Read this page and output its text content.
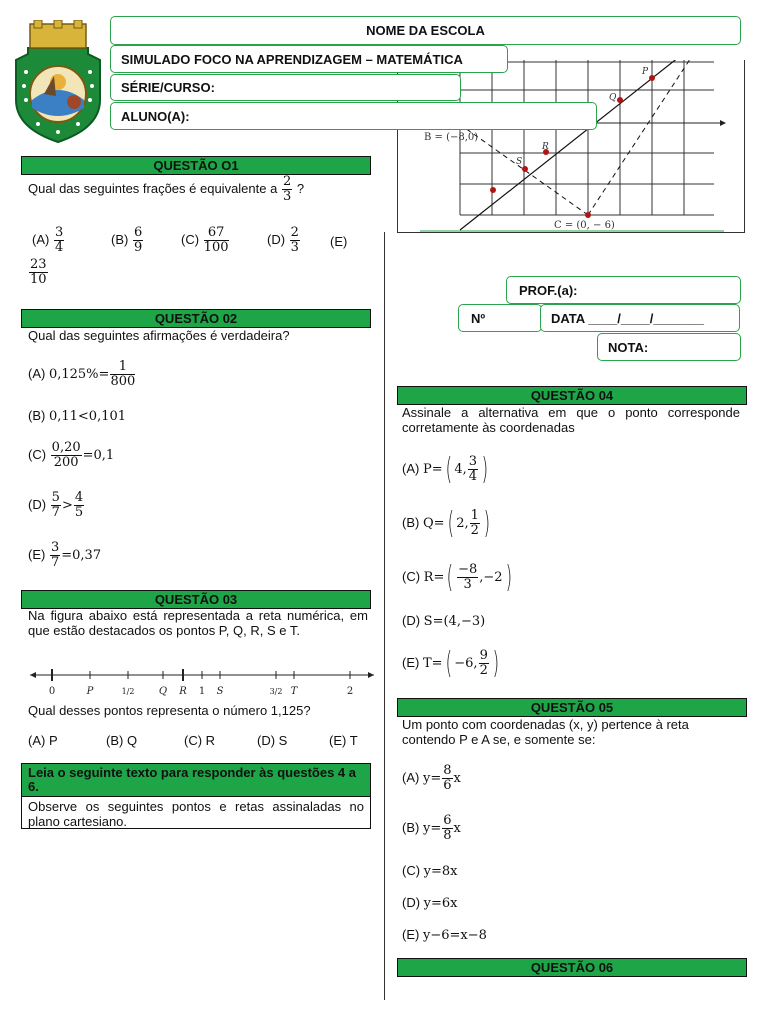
S
R
Q
P
B = (−8,0)
C = (0, − 6)
NOME DA ESCOLA
SIMULADO FOCO NA APRENDIZAGEM – MATEMÁTICA
SÉRIE/CURSO:
ALUNO(A):
PROF.(a):
Nº	DATA ____/____/_______
NOTA:
QUESTÃO O1
Qual das seguintes frações é equivalente a $\frac{2}{3}$ ?
$(A) \frac{3}{4}$	$(B) \frac{6}{9}$	$(C) \frac{67}{100}$	$(D) \frac{2}{3} (E)$
$\frac{23}{10}$
QUESTÃO 02
Qual das seguintes afirmações é verdadeira?
(A) $0,125\%= \frac{1}{800}$
(B) 0,11<0,101
$(C) \frac{0,20}{200} =0,1$
$(D) \frac{5}{7} > \frac{4}{5}$
$(E) \frac{3}{7} =0,37$
QUESTÃO 03
Na figura abaixo está representada a reta numérica, em que estão destacados os pontos P, Q, R, S e T.
0	P	1/2 Q R 1 S	3/2 T	2
Qual desses pontos representa o número 1,125?
(A) P	(B) Q	(C) R	(D) S	(E) T
Leia o seguinte texto para responder às questões 4 a 6.
Observe os seguintes pontos e retas assinaladas no plano cartesiano.
QUESTÃO 04
Assinale a alternativa em que o ponto corresponde corretamente às coordenadas
(A) P=( 4, $\frac{3}{4}$ )
(B) Q=( 2, $\frac{1}{2}$ )
(C) $R=( \frac{-8}{3} ,-2)$
(D) S=(4,−3)
(E) T=( −6, $\frac{9}{2}$ )
QUESTÃO 05
Um ponto com coordenadas (x, y) pertence à reta contendo P e A se, e somente se:
(A) $y= \frac{8}{6}$ x
(B) $y= \frac{6}{8}$ x
(C) y=8x
(D) y=6x
(E) y−6=x−8
QUESTÃO 06
